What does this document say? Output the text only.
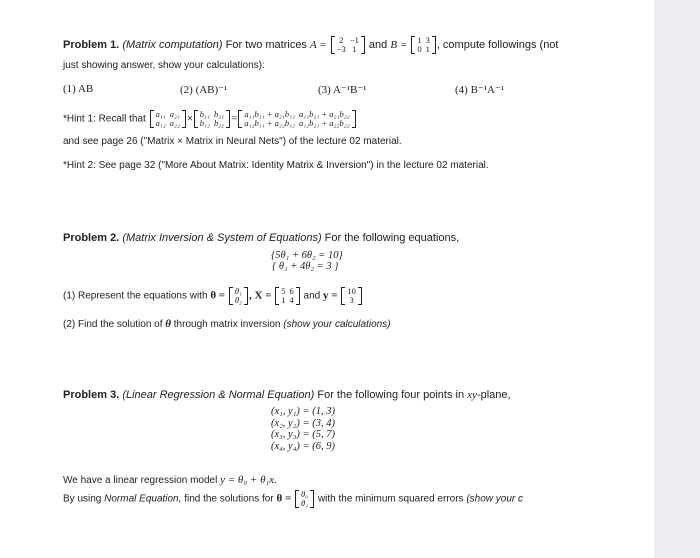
Problem 1. (Matrix computation) For two matrices A = 2	−1
−3	1 and B = 1	3
0	1 , compute followings (not
just showing answer, show your calculations):
(1) AB	(2) (AB)⁻¹	(3) A⁻¹B⁻¹	(4) B⁻¹A⁻¹
*Hint 1: Recall that a₁₁	a₂₁
a₁₂	a₂₂ × b₁₁	b₂₁
b₁₂	b₂₂ = a₁₁b₁₁ + a₂₁b₁₂	a₁₁b₂₁ + a₂₁b₂₂
a₁₂b₁₁ + a₂₂b₁₂	a₁₂b₂₁ + a₂₂b₂₂
and see page 26 ("Matrix × Matrix in Neural Nets") of the lecture 02 material.
*Hint 2: See page 32 ("More About Matrix: Identity Matrix & Inversion") in the lecture 02 material.
Problem 2. (Matrix Inversion & System of Equations) For the following equations,
{5θ₁ + 6θ₂ = 10}
{ θ₁ + 4θ₂ = 3 }
(1) Represent the equations with θ = θ₁
θ₂ , X = 5	6
1	4 and y = 10
3
(2) Find the solution of θ through matrix inversion (show your calculations)
Problem 3. (Linear Regression & Normal Equation) For the following four points in xy-plane,
(x₁, y₁) = (1, 3)
(x₂, y₂) = (3, 4)
(x₃, y₃) = (5, 7)
(x₄, y₄) = (6, 9)
We have a linear regression model y = θ₀ + θ₁x.
By using Normal Equation, find the solutions for θ = θ₀
θ₁ with the minimum squared errors (show your c
